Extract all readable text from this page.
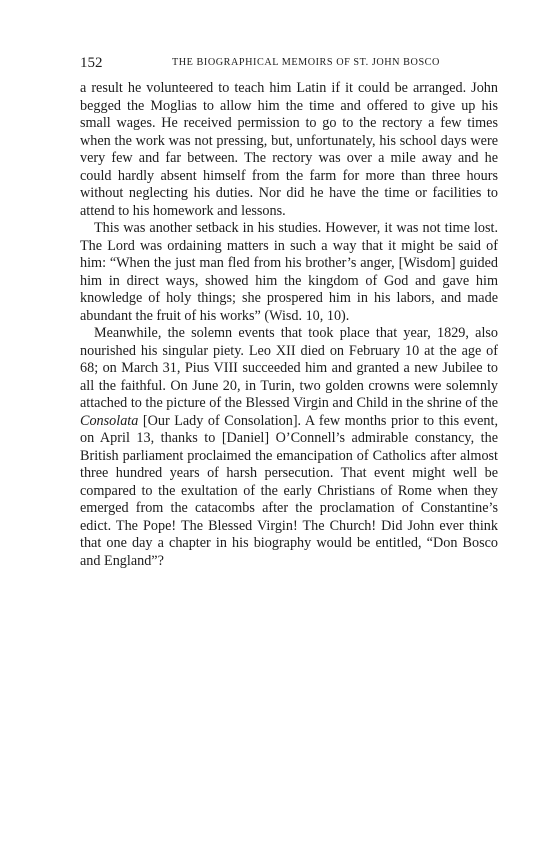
152	THE BIOGRAPHICAL MEMOIRS OF ST. JOHN BOSCO

a result he volunteered to teach him Latin if it could be arranged. John begged the Moglias to allow him the time and offered to give up his small wages. He received permission to go to the rectory a few times when the work was not pressing, but, unfortunately, his school days were very few and far between. The rectory was over a mile away and he could hardly absent himself from the farm for more than three hours without neglecting his duties. Nor did he have the time or facilities to attend to his homework and lessons.

This was another setback in his studies. However, it was not time lost. The Lord was ordaining matters in such a way that it might be said of him: “When the just man fled from his brother’s anger, [Wisdom] guided him in direct ways, showed him the kingdom of God and gave him knowledge of holy things; she prospered him in his labors, and made abundant the fruit of his works” (Wisd. 10, 10).

Meanwhile, the solemn events that took place that year, 1829, also nourished his singular piety. Leo XII died on February 10 at the age of 68; on March 31, Pius VIII succeeded him and granted a new Jubilee to all the faithful. On June 20, in Turin, two golden crowns were solemnly attached to the picture of the Blessed Virgin and Child in the shrine of the Consolata [Our Lady of Consolation]. A few months prior to this event, on April 13, thanks to [Daniel] O’Connell’s admirable constancy, the British parliament proclaimed the emancipation of Catholics after almost three hundred years of harsh persecution. That event might well be compared to the exultation of the early Christians of Rome when they emerged from the catacombs after the proclamation of Constantine’s edict. The Pope! The Blessed Virgin! The Church! Did John ever think that one day a chapter in his biography would be entitled, “Don Bosco and England”?
